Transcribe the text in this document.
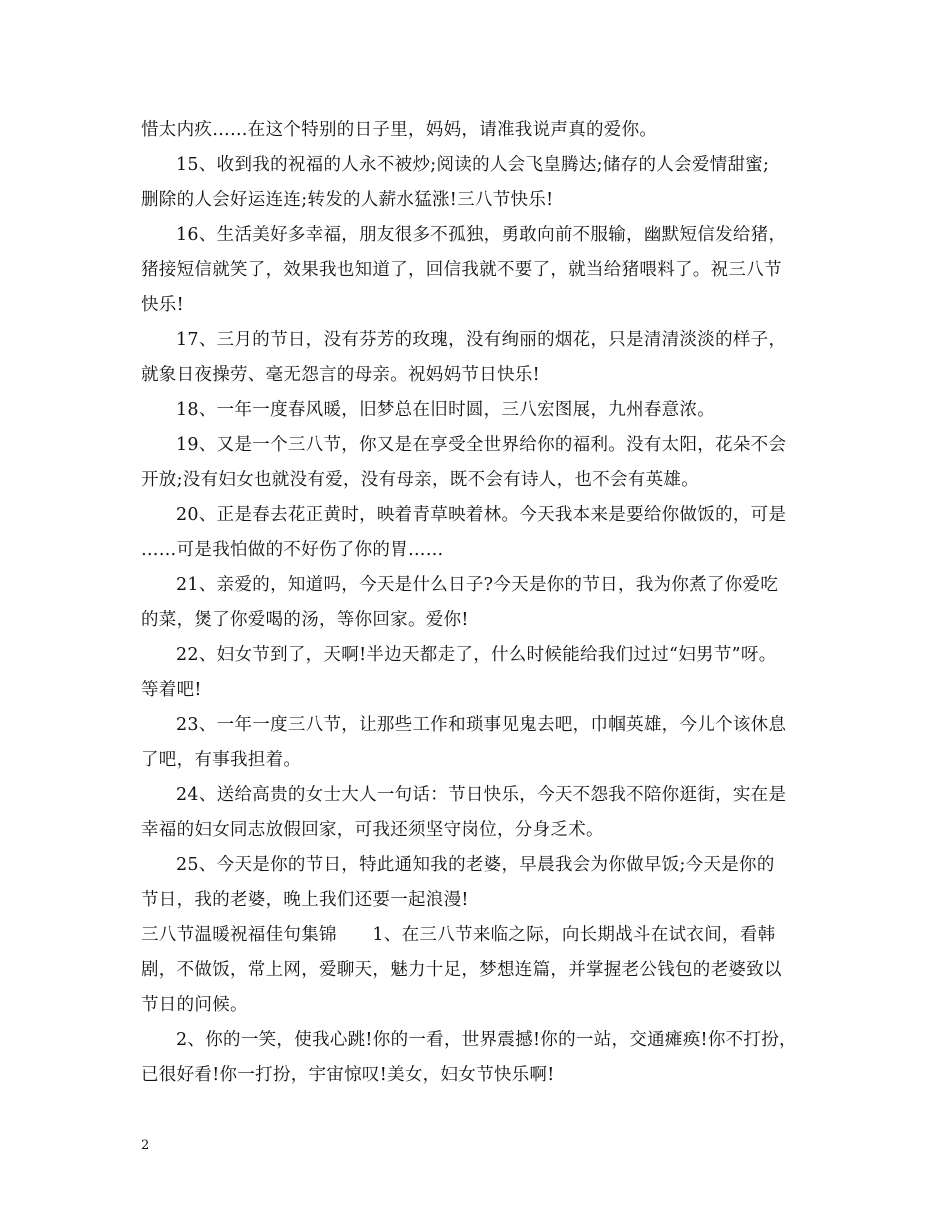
惜太内疚……在这个特别的日子里，妈妈，请准我说声真的爱你。
15、收到我的祝福的人永不被炒;阅读的人会飞皇腾达;储存的人会爱情甜蜜;
删除的人会好运连连;转发的人薪水猛涨!三八节快乐!
16、生活美好多幸福，朋友很多不孤独，勇敢向前不服输，幽默短信发给猪，
猪接短信就笑了，效果我也知道了，回信我就不要了，就当给猪喂料了。祝三八节
快乐!
17、三月的节日，没有芬芳的玫瑰，没有绚丽的烟花，只是清清淡淡的样子，
就象日夜操劳、毫无怨言的母亲。祝妈妈节日快乐!
18、一年一度春风暖，旧梦总在旧时圆，三八宏图展，九州春意浓。
19、又是一个三八节，你又是在享受全世界给你的福利。没有太阳，花朵不会
开放;没有妇女也就没有爱，没有母亲，既不会有诗人，也不会有英雄。
20、正是春去花正黄时，映着青草映着林。今天我本来是要给你做饭的，可是
……可是我怕做的不好伤了你的胃……
21、亲爱的，知道吗，今天是什么日子?今天是你的节日，我为你煮了你爱吃
的菜，煲了你爱喝的汤，等你回家。爱你!
22、妇女节到了，天啊!半边天都走了，什么时候能给我们过过“妇男节”呀。
等着吧!
23、一年一度三八节，让那些工作和琐事见鬼去吧，巾帼英雄，今儿个该休息
了吧，有事我担着。
24、送给高贵的女士大人一句话：节日快乐，今天不怨我不陪你逛街，实在是
幸福的妇女同志放假回家，可我还须坚守岗位，分身乏术。
25、今天是你的节日，特此通知我的老婆，早晨我会为你做早饭;今天是你的
节日，我的老婆，晚上我们还要一起浪漫!
三八节温暖祝福佳句集锦　　1、在三八节来临之际，向长期战斗在试衣间，看韩
剧，不做饭，常上网，爱聊天，魅力十足，梦想连篇，并掌握老公钱包的老婆致以
节日的问候。
2、你的一笑，使我心跳!你的一看，世界震撼!你的一站，交通瘫痪!你不打扮，
已很好看!你一打扮，宇宙惊叹!美女，妇女节快乐啊!
2
